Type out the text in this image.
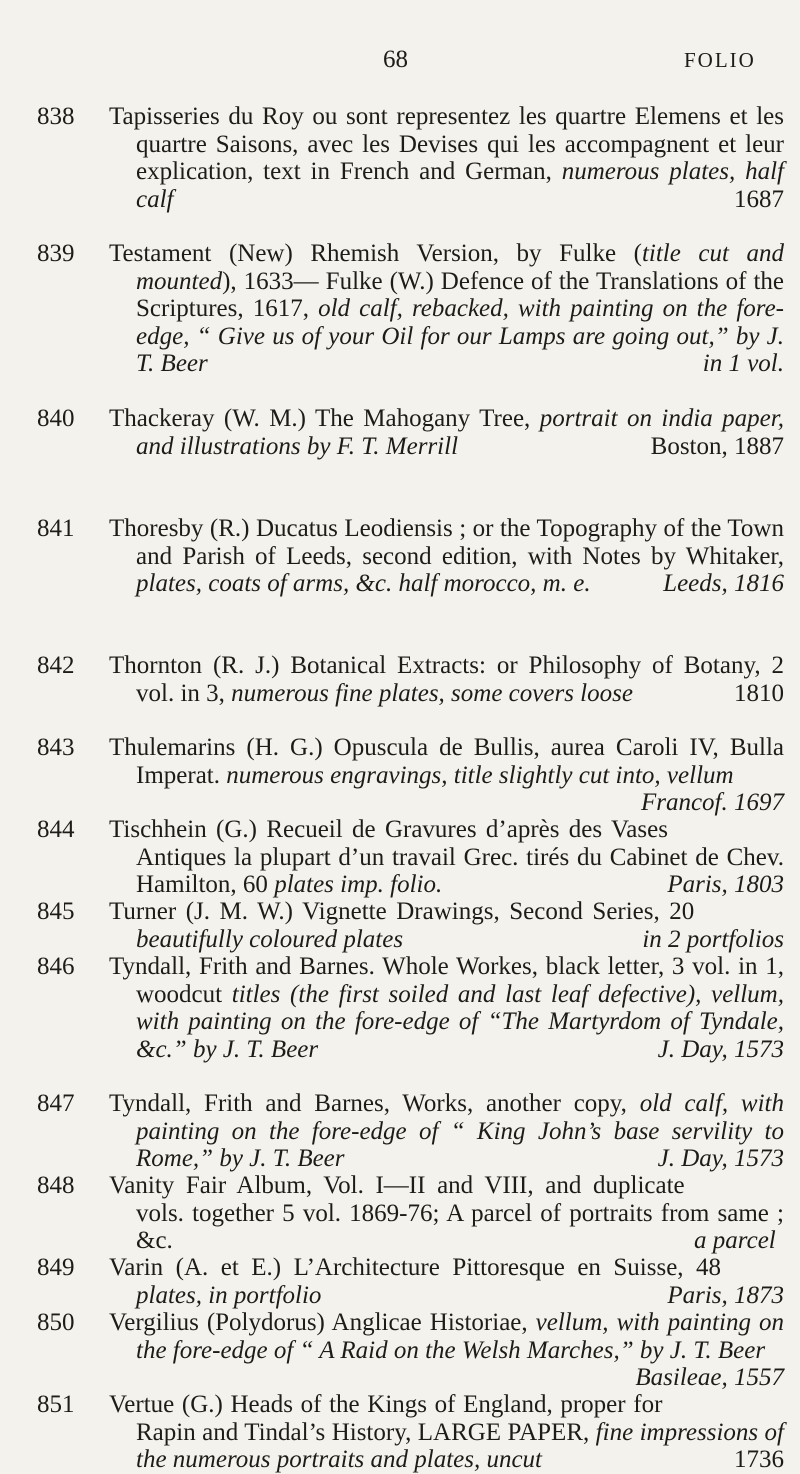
68	FOLIO
838 Tapisseries du Roy ou sont representez les quartre Elemens et les quartre Saisons, avec les Devises qui les accompagnent et leur explication, text in French and German, numerous plates, half calf	1687
839 Testament (New) Rhemish Version, by Fulke (title cut and mounted), 1633— Fulke (W.) Defence of the Translations of the Scriptures, 1617, old calf, rebacked, with painting on the fore-edge, “ Give us of your Oil for our Lamps are going out,” by J. T. Beer	in 1 vol.
840 Thackeray (W. M.) The Mahogany Tree, portrait on india paper, and illustrations by F. T. Merrill	Boston, 1887
841 Thoresby (R.) Ducatus Leodiensis ; or the Topography of the Town and Parish of Leeds, second edition, with Notes by Whitaker, plates, coats of arms, &c. half morocco, m. e.	Leeds, 1816
842 Thornton (R. J.) Botanical Extracts: or Philosophy of Botany, 2 vol. in 3, numerous fine plates, some covers loose	1810
843 Thulemarins (H. G.) Opuscula de Bullis, aurea Caroli IV, Bulla Imperat. numerous engravings, title slightly cut into, vellum
Francof. 1697
844 Tischhein (G.) Recueil de Gravures d’après des Vases Antiques la plupart d’un travail Grec. tirés du Cabinet de Chev. Hamilton, 60 plates imp. folio.	Paris, 1803
845 Turner (J. M. W.) Vignette Drawings, Second Series, 20 beautifully coloured plates	in 2 portfolios
846 Tyndall, Frith and Barnes. Whole Workes, black letter, 3 vol. in 1, woodcut titles (the first soiled and last leaf defective), vellum, with painting on the fore-edge of “The Martyrdom of Tyndale, &c.” by J. T. Beer	J. Day, 1573
847 Tyndall, Frith and Barnes, Works, another copy, old calf, with painting on the fore-edge of “ King John’s base servility to Rome,” by J. T. Beer	J. Day, 1573
848 Vanity Fair Album, Vol. I—II and VIII, and duplicate vols. together 5 vol. 1869-76; A parcel of portraits from same ; &c.	a parcel
849 Varin (A. et E.) L’Architecture Pittoresque en Suisse, 48 plates, in portfolio	Paris, 1873
850 Vergilius (Polydorus) Anglicae Historiae, vellum, with painting on the fore-edge of “ A Raid on the Welsh Marches,” by J. T. Beer
Basileae, 1557
851 Vertue (G.) Heads of the Kings of England, proper for Rapin and Tindal’s History, LARGE PAPER, fine impressions of the numerous portraits and plates, uncut	1736
